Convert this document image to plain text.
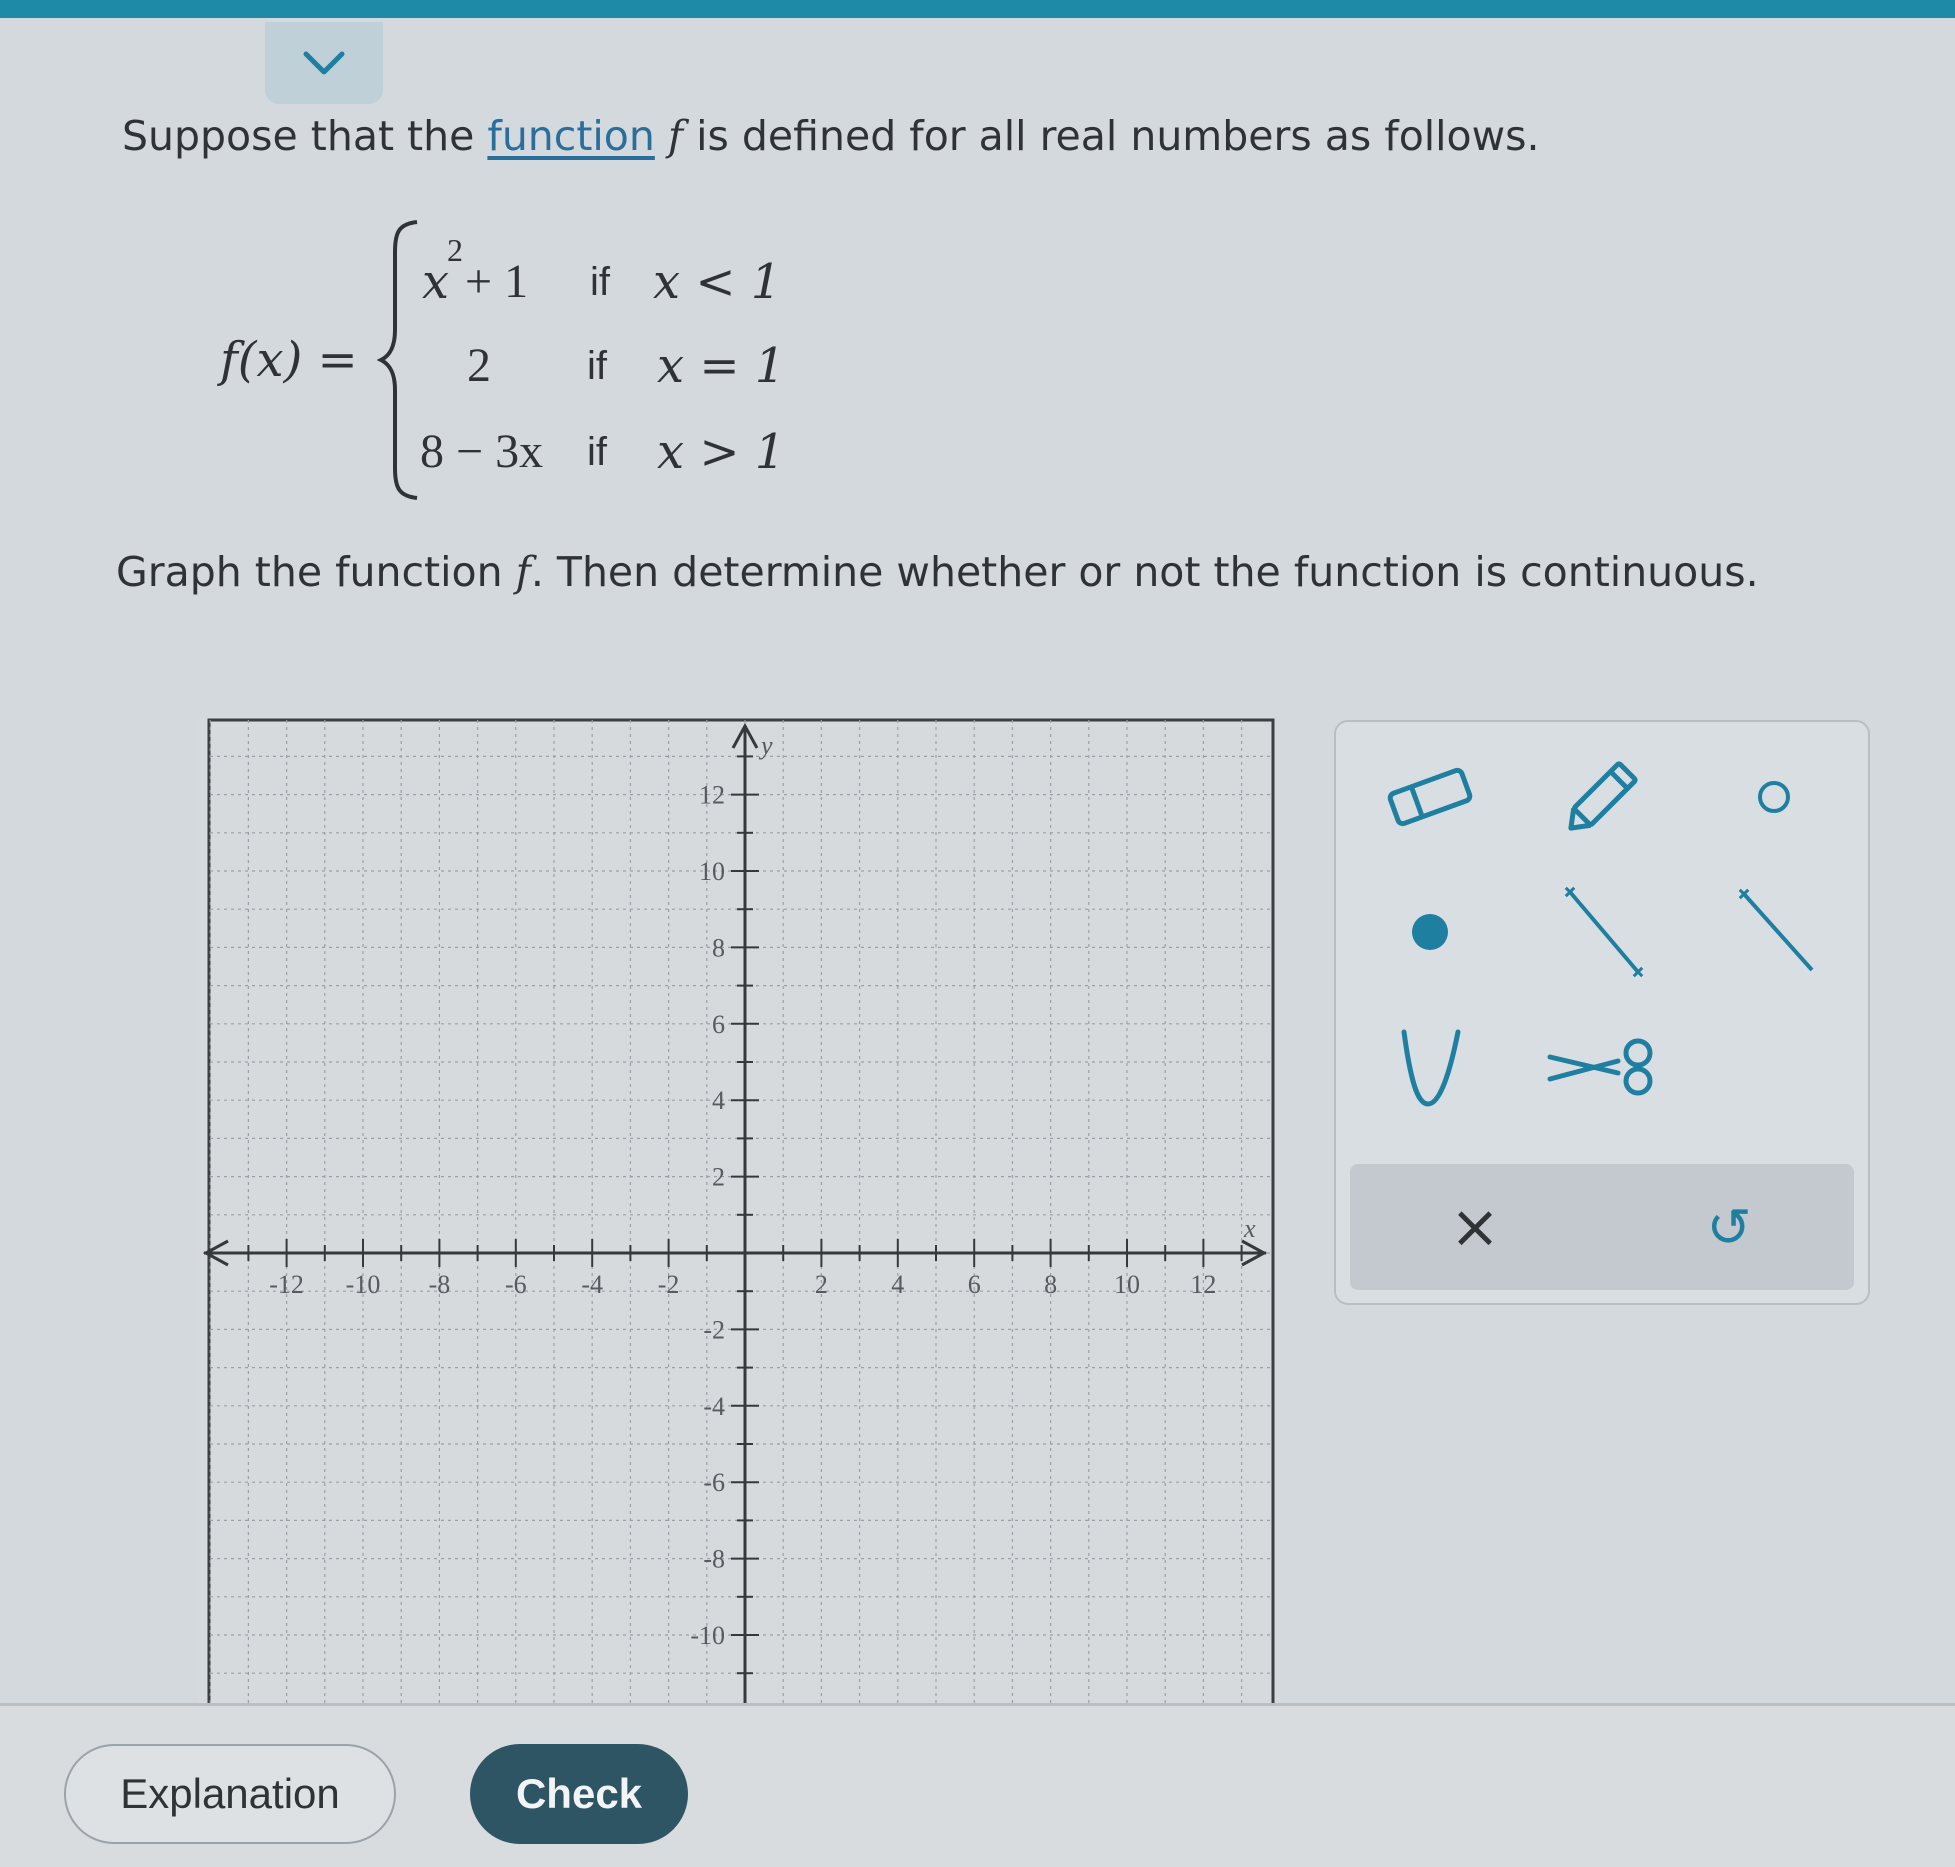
Suppose that the function f is defined for all real numbers as follows.
f(x) =
x
2
+ 1 if x < 1
2 if x = 1
8 − 3x if x > 1
Graph the function f. Then determine whether or not the function is continuous.
-12 -10 -8 -6 -4 -2	2 4 6 8 10 12
12
10
8
6
4
2
-2
-4
-6
-8
-10
x
y
×	↺
Explanation	Check
